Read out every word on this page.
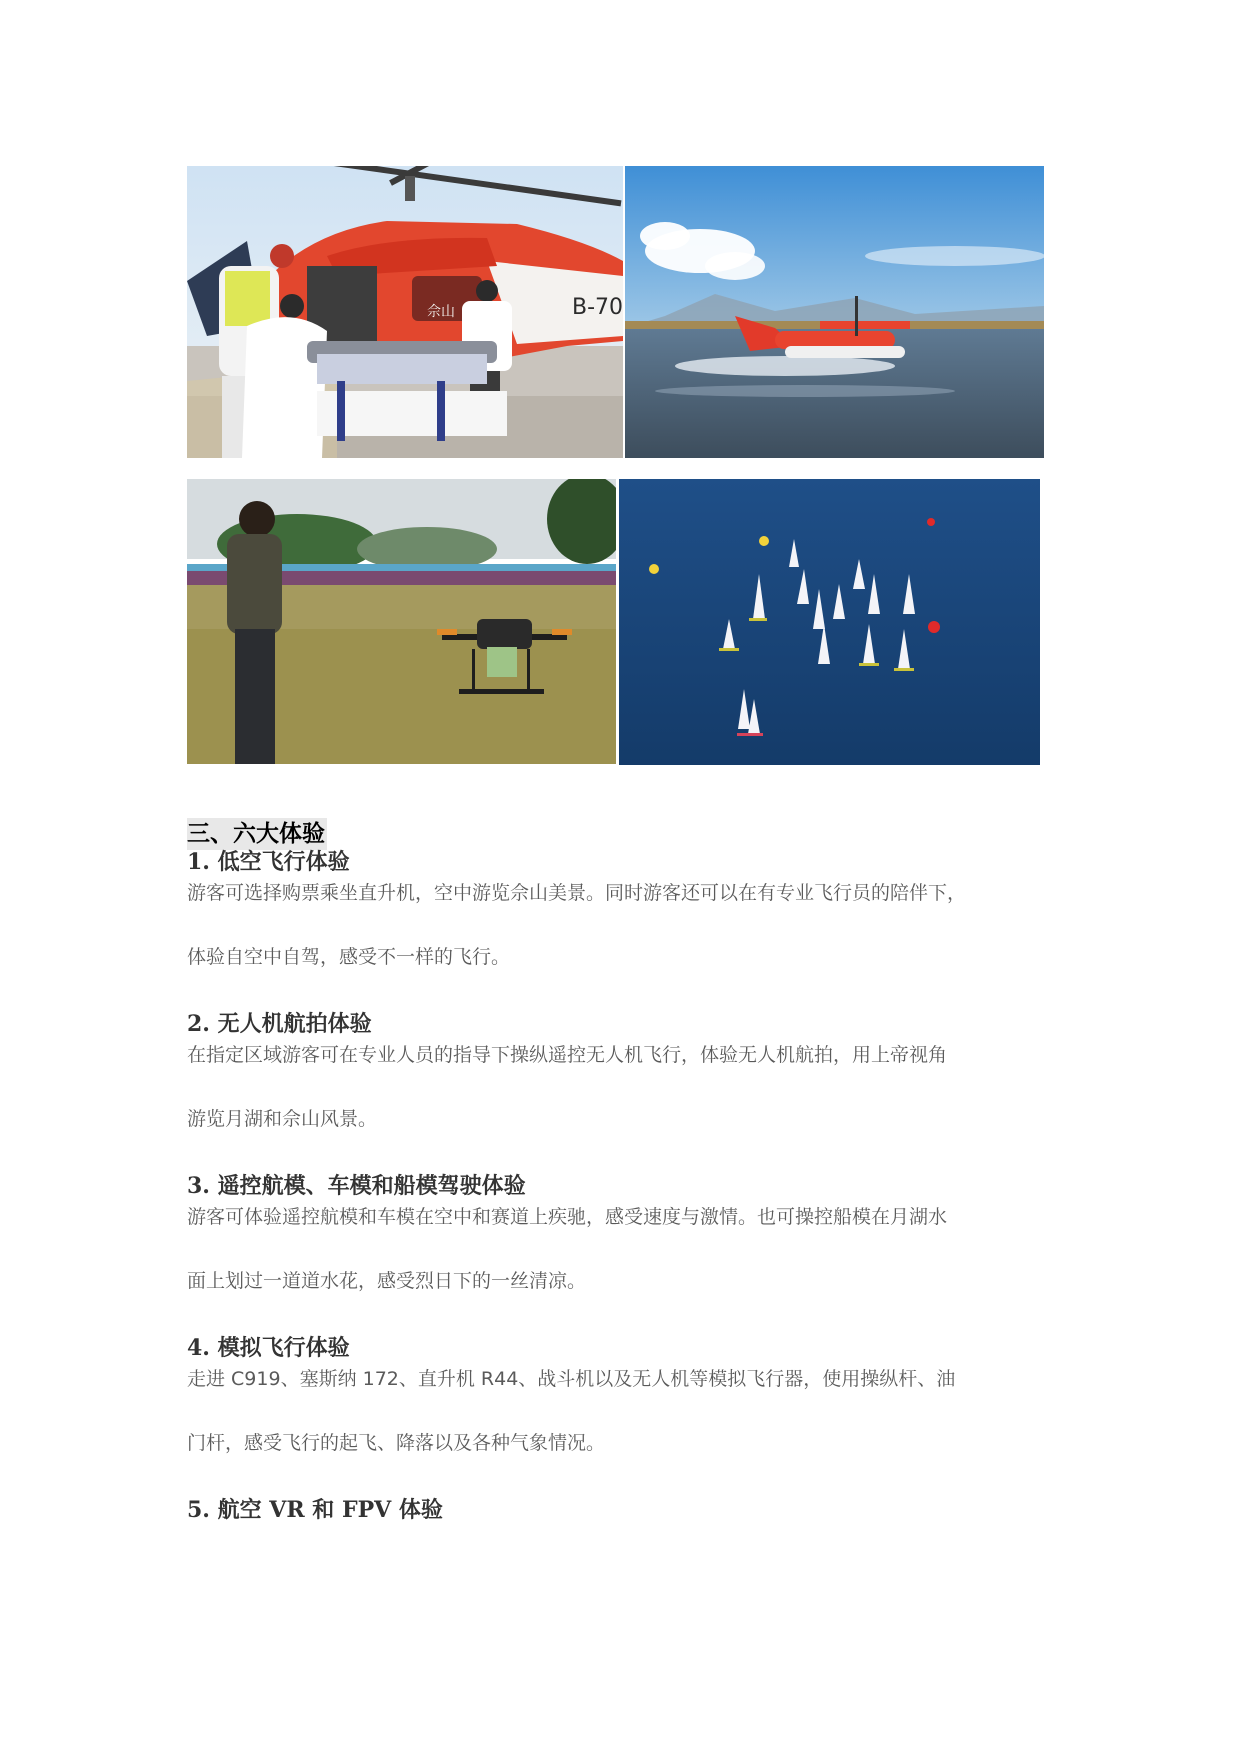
B-70
佘山
三、六大体验
1. 低空飞行体验

游客可选择购票乘坐直升机，空中游览佘山美景。同时游客还可以在有专业飞行员的陪伴下，

体验自空中自驾，感受不一样的飞行。

2. 无人机航拍体验

在指定区域游客可在专业人员的指导下操纵遥控无人机飞行，体验无人机航拍，用上帝视角

游览月湖和佘山风景。

3. 遥控航模、车模和船模驾驶体验

游客可体验遥控航模和车模在空中和赛道上疾驰，感受速度与激情。也可操控船模在月湖水

面上划过一道道水花，感受烈日下的一丝清凉。

4. 模拟飞行体验

走进 C919、塞斯纳 172、直升机 R44、战斗机以及无人机等模拟飞行器，使用操纵杆、油

门杆，感受飞行的起飞、降落以及各种气象情况。

5. 航空 VR 和 FPV 体验
